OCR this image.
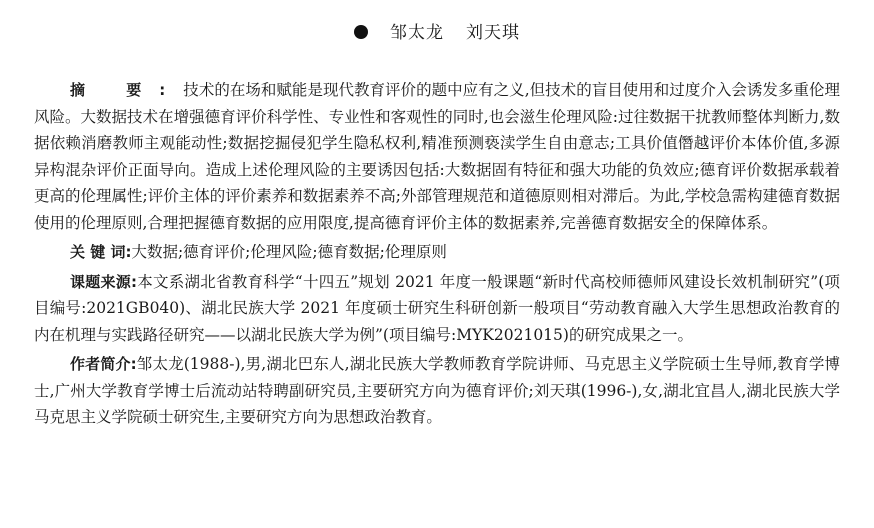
邹太龙 刘天琪

摘 要:技术的在场和赋能是现代教育评价的题中应有之义,但技术的盲目使用和过度介入会诱发多重伦理风险。大数据技术在增强德育评价科学性、专业性和客观性的同时,也会滋生伦理风险:过往数据干扰教师整体判断力,数据依赖消磨教师主观能动性;数据挖掘侵犯学生隐私权利,精准预测亵渎学生自由意志;工具价值僭越评价本体价值,多源异构混杂评价正面导向。造成上述伦理风险的主要诱因包括:大数据固有特征和强大功能的负效应;德育评价数据承载着更高的伦理属性;评价主体的评价素养和数据素养不高;外部管理规范和道德原则相对滞后。为此,学校急需构建德育数据使用的伦理原则,合理把握德育数据的应用限度,提高德育评价主体的数据素养,完善德育数据安全的保障体系。

关 键 词:大数据;德育评价;伦理风险;德育数据;伦理原则

课题来源:本文系湖北省教育科学“十四五”规划 2021 年度一般课题“新时代高校师德师风建设长效机制研究”(项目编号:2021GB040)、湖北民族大学 2021 年度硕士研究生科研创新一般项目“劳动教育融入大学生思想政治教育的内在机理与实践路径研究——以湖北民族大学为例”(项目编号:MYK2021015)的研究成果之一。

作者简介:邹太龙(1988-),男,湖北巴东人,湖北民族大学教师教育学院讲师、马克思主义学院硕士生导师,教育学博士,广州大学教育学博士后流动站特聘副研究员,主要研究方向为德育评价;刘天琪(1996-),女,湖北宜昌人,湖北民族大学马克思主义学院硕士研究生,主要研究方向为思想政治教育。
